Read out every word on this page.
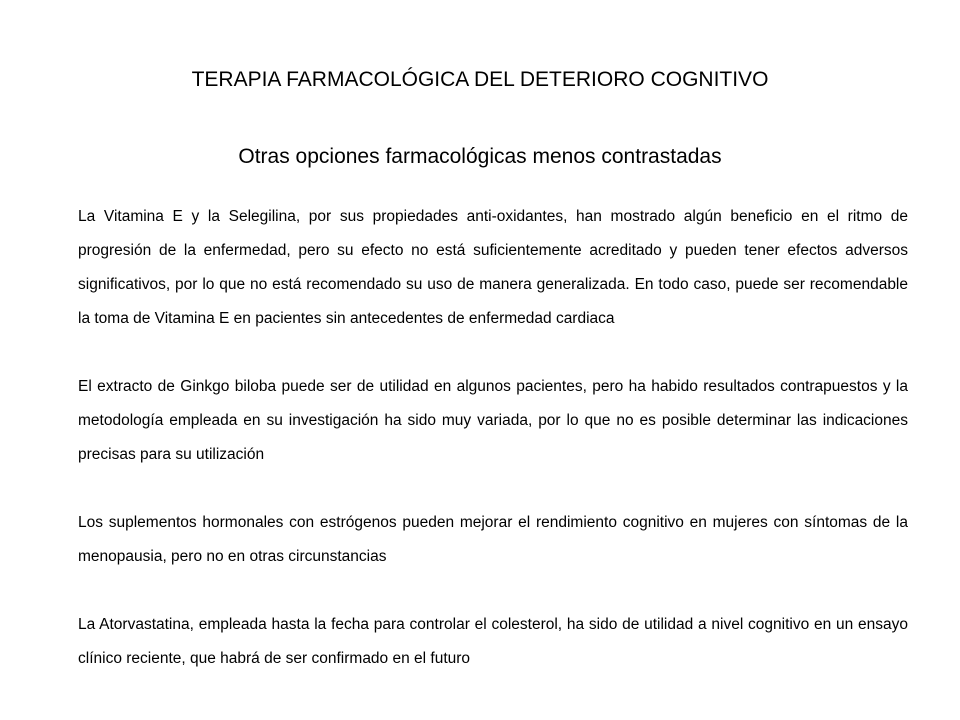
TERAPIA FARMACOLÓGICA DEL DETERIORO COGNITIVO
Otras opciones farmacológicas menos contrastadas

La Vitamina E y la Selegilina, por sus propiedades anti-oxidantes, han mostrado algún beneficio en el ritmo de progresión de la enfermedad, pero su efecto no está suficientemente acreditado y pueden tener efectos adversos significativos, por lo que no está recomendado su uso de manera generalizada. En todo caso, puede ser recomendable la toma de Vitamina E en pacientes sin antecedentes de enfermedad cardiaca

El extracto de Ginkgo biloba puede ser de utilidad en algunos pacientes, pero ha habido resultados contrapuestos y la metodología empleada en su investigación ha sido muy variada, por lo que no es posible determinar las indicaciones precisas para su utilización

Los suplementos hormonales con estrógenos pueden mejorar el rendimiento cognitivo en mujeres con síntomas de la menopausia, pero no en otras circunstancias

La Atorvastatina, empleada hasta la fecha para controlar el colesterol, ha sido de utilidad a nivel cognitivo en un ensayo clínico reciente, que habrá de ser confirmado en el futuro
